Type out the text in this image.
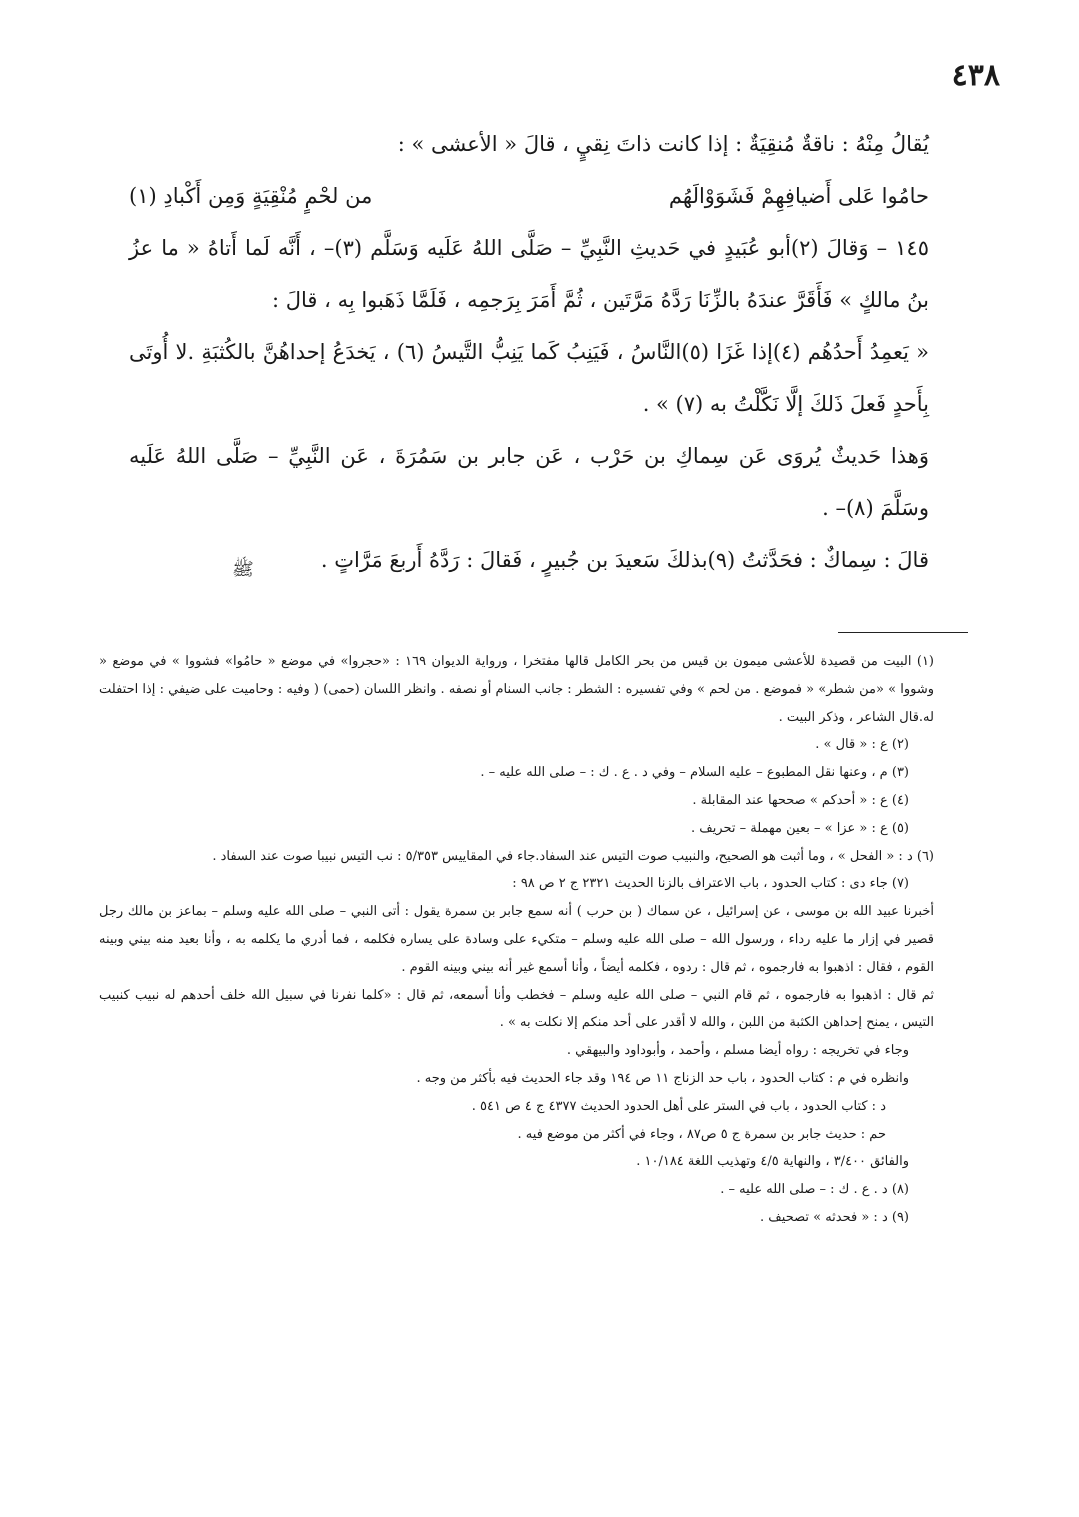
٤٣٨

يُقالُ مِنْهُ : ناقةٌ مُنقِيَةٌ : إذا كانت ذاتَ نِقيٍ ، قالَ « الأعشى » :

حامُوا عَلى أَضيافِهِمْ فَشَوَوْالَهُم
من لحْمٍ مُنْقِيَةٍ وَمِن أَكْبادِ (١)

١٤٥ – وَقالَ (٢)أبو عُبَيدٍ في حَديثِ النَّبِيِّ – صَلَّى اللهُ عَلَيه وَسَلَّم (٣)– ، أَنَّه لَما أَتاهُ « ما عزُ بنُ مالكٍ » فَأَقَرَّ عندَهُ بالزِّنَا رَدَّهُ مَرَّتَين ، ثُمَّ أَمَرَ بِرَجمِه ، فَلَمَّا ذَهَبوا بِه ، قالَ :

« يَعمِدُ أَحدُهُم (٤)إذا غَزَا (٥)النَّاسُ ، فَيَنِبُ كَما يَنِبُّ التَّيسُ (٦) ، يَخدَعُ إحداهُنَّ بالكُثبَةِ .لا أُوتَى بِأَحدٍ فَعلَ ذَلكَ إلَّا نَكَّلْتُ به (٧) » .

وَهذا حَديثٌ يُروَى عَن سِماكِ بن حَرْب ، عَن جابر بن سَمُرَةَ ، عَن النَّبِيِّ – صَلَّى اللهُ عَلَيه وسَلَّمَ (٨)– .

قالَ : سِماكٌ : فحَدَّثتُ (٩)بذلكَ سَعيدَ بن جُبيرٍ ، فَقالَ : رَدَّهُ أَربعَ مَرَّاتٍ .

ﷺ

(١) البيت من قصيدة للأعشى ميمون بن قيس من بحر الكامل قالها مفتخرا ، ورواية الديوان ١٦٩ : «حجروا» في موضع « حامُوا» فشووا » في موضع « وشووا » «من شطر» « فموضع . من لحم » وفي تفسيره : الشطر : جانب السنام أو نصفه . وانظر اللسان (حمى) ( وفيه : وحاميت على ضيفي : إذا احتفلت له.قال الشاعر ، وذكر البيت .

(٢) ع : « قال » .

(٣) م ، وعنها نقل المطبوع – عليه السلام – وفي د . ع . ك : – صلى الله عليه – .

(٤) ع : « أحدكم » صححها عند المقابلة .

(٥) ع : « عزا » – بعين مهملة – تحريف .

(٦) د : « الفحل » ، وما أثبت هو الصحيح، والنبيب صوت التيس عند السفاد.جاء في المقاييس ٥/٣٥٣ : نب التيس نبيبا صوت عند السفاد .

(٧) جاء دى : كتاب الحدود ، باب الاعتراف بالزنا الحديث ٢٣٢١ ج ٢ ص ٩٨ :

أخبرنا عبيد الله بن موسى ، عن إسرائيل ، عن سماك ( بن حرب ) أنه سمع جابر بن سمرة يقول : أتى النبي – صلى الله عليه وسلم – بماعز بن مالك رجل قصير في إزار ما عليه رداء ، ورسول الله – صلى الله عليه وسلم – متكيء على وسادة على يساره فكلمه ، فما أدري ما يكلمه به ، وأنا بعيد منه بيني وبينه القوم ، فقال : اذهبوا به فارجموه ، ثم قال : ردوه ، فكلمه أيضاً ، وأنا أسمع غير أنه بيني وبينه القوم .

ثم قال : اذهبوا به فارجموه ، ثم قام النبي – صلى الله عليه وسلم – فخطب وأنا أسمعه، ثم قال : «كلما نفرنا في سبيل الله خلف أحدهم له نبيب كنبيب التيس ، يمنح إحداهن الكثبة من اللبن ، والله لا أقدر على أحد منكم إلا نكلت به » .

وجاء في تخريجه : رواه أيضا مسلم ، وأحمد ، وأبوداود والبيهقي .

وانظره في م : كتاب الحدود ، باب حد الزناج ١١ ص ١٩٤ وقد جاء الحديث فيه بأكثر من وجه .

د : كتاب الحدود ، باب في الستر على أهل الحدود الحديث ٤٣٧٧ ج ٤ ص ٥٤١ .

حم : حديث جابر بن سمرة ج ٥ ص٨٧ ، وجاء في أكثر من موضع فيه .

والفائق ٣/٤٠٠ ، والنهاية ٤/٥ وتهذيب اللغة ١٠/١٨٤ .

(٨) د . ع . ك : – صلى الله عليه – .

(٩) د : « فحدثه » تصحيف .
